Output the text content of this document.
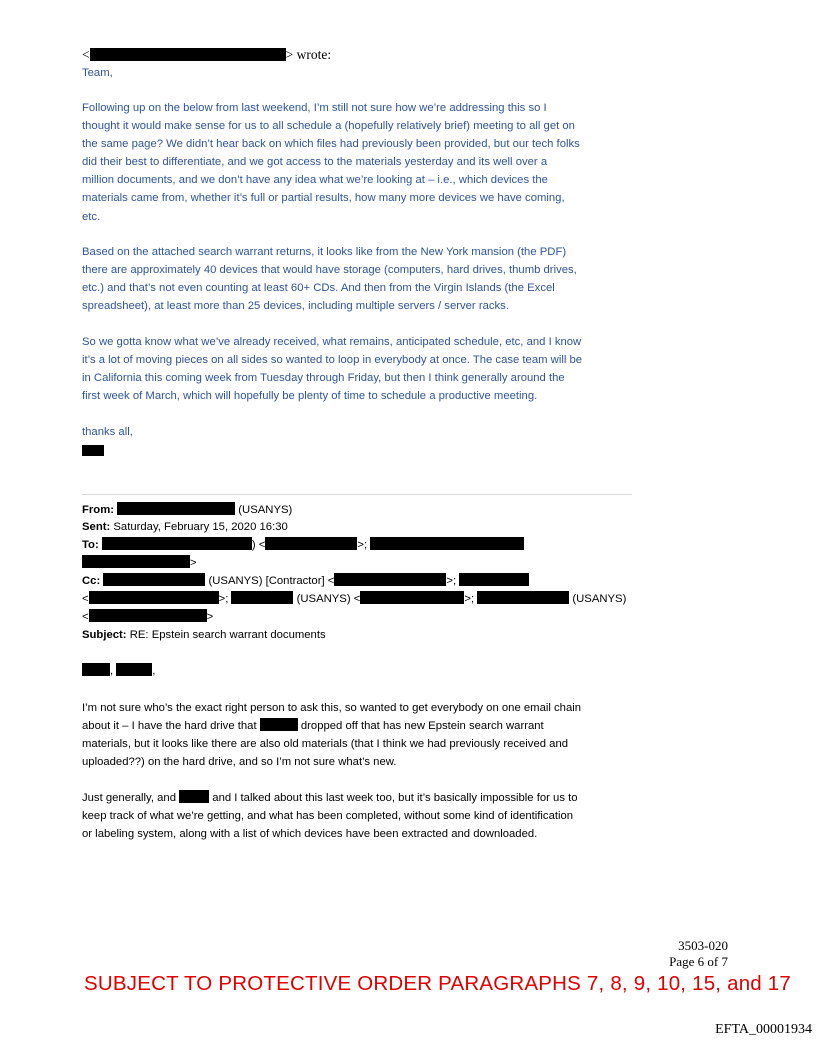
<	> wrote:
Team,

Following up on the below from last weekend, I’m still not sure how we’re addressing this so I

thought it would make sense for us to all schedule a (hopefully relatively brief) meeting to all get on

the same page? We didn’t hear back on which files had previously been provided, but our tech folks

did their best to differentiate, and we got access to the materials yesterday and its well over a

million documents, and we don’t have any idea what we’re looking at – i.e., which devices the

materials came from, whether it’s full or partial results, how many more devices we have coming,

etc.

Based on the attached search warrant returns, it looks like from the New York mansion (the PDF)

there are approximately 40 devices that would have storage (computers, hard drives, thumb drives,

etc.) and that’s not even counting at least 60+ CDs. And then from the Virgin Islands (the Excel

spreadsheet), at least more than 25 devices, including multiple servers / server racks.

So we gotta know what we’ve already received, what remains, anticipated schedule, etc, and I know

it’s a lot of moving pieces on all sides so wanted to loop in everybody at once. The case team will be

in California this coming week from Tuesday through Friday, but then I think generally around the

first week of March, which will hopefully be plenty of time to schedule a productive meeting.

thanks all,
From:	(USANYS)
Sent: Saturday, February 15, 2020 16:30
To:	) <	>;
>
Cc:	(USANYS) [Contractor] <	>;
<	>;	(USANYS) <	>;	(USANYS)
<	>
Subject: RE: Epstein search warrant documents
,	,

I’m not sure who’s the exact right person to ask this, so wanted to get everybody on one email chain

about it – I have the hard drive that	dropped off that has new Epstein search warrant

materials, but it looks like there are also old materials (that I think we had previously received and

uploaded??) on the hard drive, and so I’m not sure what’s new.

Just generally, and	and I talked about this last week too, but it’s basically impossible for us to

keep track of what we’re getting, and what has been completed, without some kind of identification

or labeling system, along with a list of which devices have been extracted and downloaded.

3503-020
Page 6 of 7
SUBJECT TO PROTECTIVE ORDER PARAGRAPHS 7, 8, 9, 10, 15, and 17
EFTA_00001934
